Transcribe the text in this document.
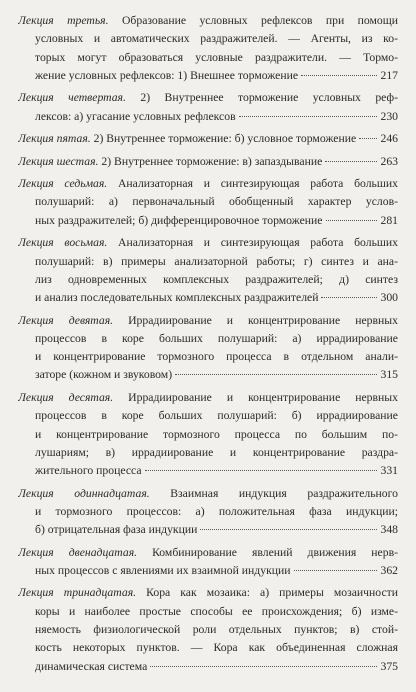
Лекция третья. Образование условных рефлексов при помощи
условных и автоматических раздражителей. — Агенты, из ко-
торых могут образоваться условные раздражители. — Тормо-
жение условных рефлексов: 1) Внешнее торможение	217
Лекция четвертая. 2) Внутреннее торможение условных реф-
лексов: а) угасание условных рефлексов	230
Лекция пятая. 2) Внутреннее торможение: б) условное торможение 246
Лекция шестая. 2) Внутреннее торможение: в) запаздывание	263
Лекция седьмая. Анализаторная и синтезирующая работа больших
полушарий: а) первоначальный обобщенный характер услов-
ных раздражителей; б) дифференцировочное торможение	281
Лекция восьмая. Анализаторная и синтезирующая работа больших
полушарий: в) примеры анализаторной работы; г) синтез и ана-
лиз одновременных комплексных раздражителей; д) синтез
и анализ последовательных комплексных раздражителей	300
Лекция девятая. Иррадиирование и концентрирование нервных
процессов в коре больших полушарий: а) иррадиирование
и концентрирование тормозного процесса в отдельном анали-
заторе (кожном и звуковом)	315
Лекция десятая. Иррадиирование и концентрирование нервных
процессов в коре больших полушарий: б) иррадиирование
и концентрирование тормозного процесса по большим по-
лушариям; в) иррадиирование и концентрирование раздра-
жительного процесса	331
Лекция одиннадцатая. Взаимная индукция раздражительного
и тормозного процессов: а) положительная фаза индукции;
б) отрицательная фаза индукции	348
Лекция двенадцатая. Комбинирование явлений движения нерв-
ных процессов с явлениями их взаимной индукции	362
Лекция тринадцатая. Кора как мозаика: а) примеры мозаичности
коры и наиболее простые способы ее происхождения; б) изме-
няемость физиологической роли отдельных пунктов; в) стой-
кость некоторых пунктов. — Кора как объединенная сложная
динамическая система	375
